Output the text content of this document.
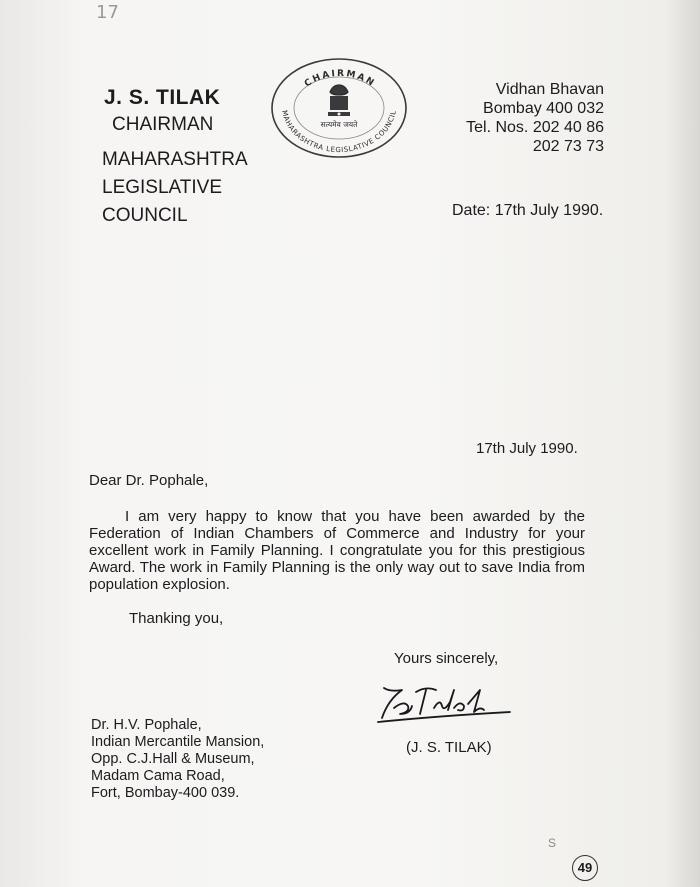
17
J. S. TILAK
CHAIRMAN
MAHARASHTRA
LEGISLATIVE
COUNCIL
CHAIRMAN
MAHARASHTRA LEGISLATIVE COUNCIL
सत्यमेव जयते
Vidhan Bhavan
Bombay 400 032
Tel. Nos. 202 40 86
202 73 73
Date: 17th July 1990.
17th July 1990.
Dear Dr. Pophale,

I am very happy to know that you have been awarded by the Federation of Indian Chambers of Commerce and Industry for your excellent work in Family Planning. I congratulate you for this prestigious Award. The work in Family Planning is the only way out to save India from population explosion.

Thanking you,
Yours sincerely,
(J. S. TILAK)
Dr. H.V. Pophale,
Indian Mercantile Mansion,
Opp. C.J.Hall & Museum,
Madam Cama Road,
Fort, Bombay-400 039.
S
49
